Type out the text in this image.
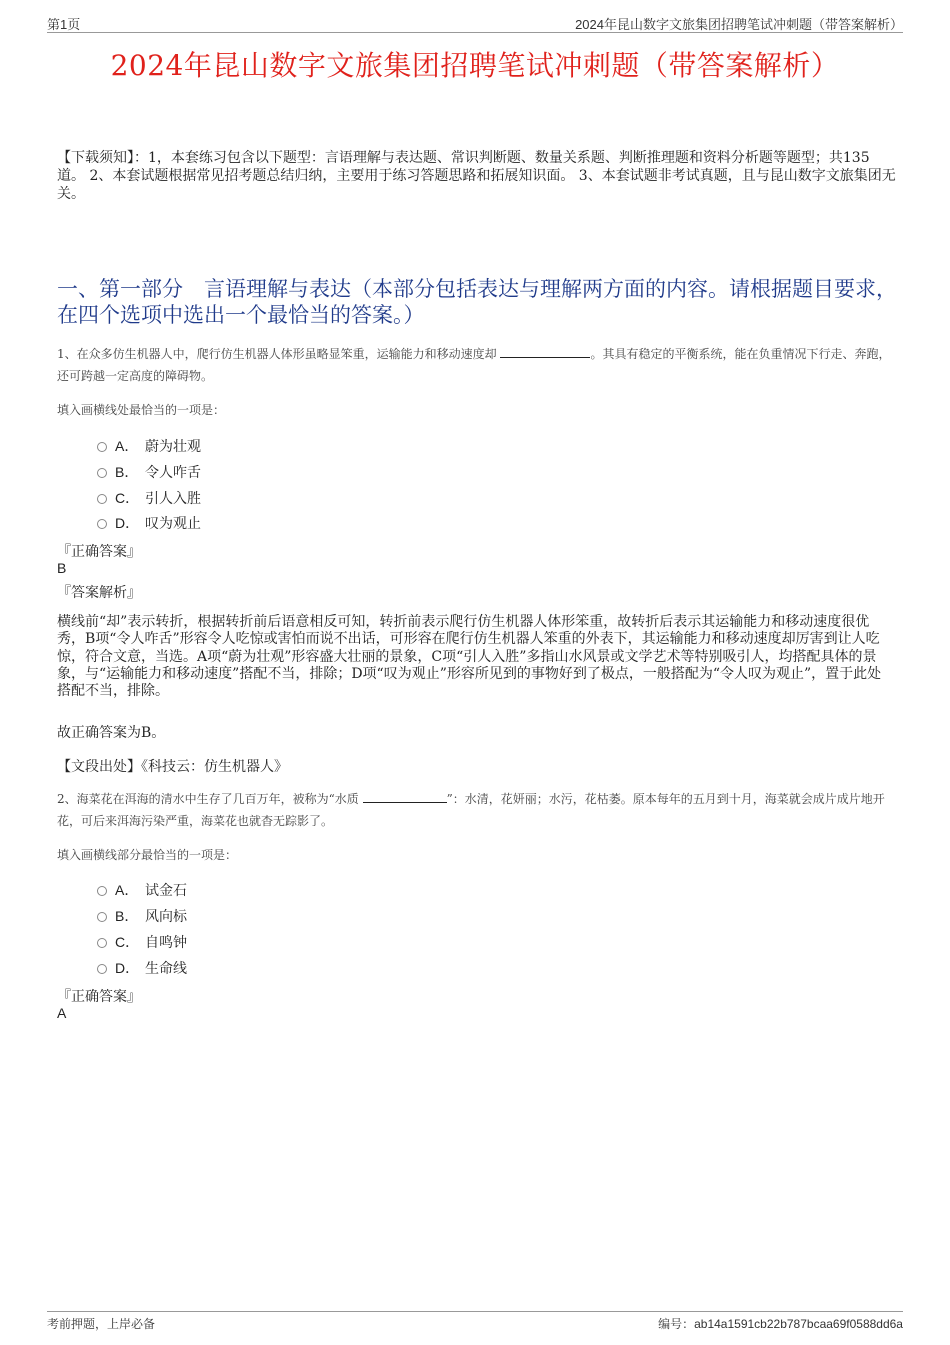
第1页	2024年昆山数字文旅集团招聘笔试冲刺题（带答案解析）
2024年昆山数字文旅集团招聘笔试冲刺题（带答案解析）
【下载须知】：1，本套练习包含以下题型：言语理解与表达题、常识判断题、数量关系题、判断推理题和资料分析题等题型；共135道。 2、本套试题根据常见招考题总结归纳，主要用于练习答题思路和拓展知识面。 3、本套试题非考试真题，且与昆山数字文旅集团无关。
一、第一部分　言语理解与表达（本部分包括表达与理解两方面的内容。请根据题目要求，在四个选项中选出一个最恰当的答案。）
1、在众多仿生机器人中，爬行仿生机器人体形虽略显笨重，运输能力和移动速度却	。其具有稳定的平衡系统，能在负重情况下行走、奔跑，还可跨越一定高度的障碍物。
填入画横线处最恰当的一项是：
A． 蔚为壮观
B． 令人咋舌
C． 引人入胜
D． 叹为观止
『正确答案』
B
『答案解析』
横线前“却”表示转折，根据转折前后语意相反可知，转折前表示爬行仿生机器人体形笨重，故转折后表示其运输能力和移动速度很优秀，B项“令人咋舌”形容令人吃惊或害怕而说不出话，可形容在爬行仿生机器人笨重的外表下，其运输能力和移动速度却厉害到让人吃惊，符合文意，当选。A项“蔚为壮观”形容盛大壮丽的景象，C项“引人入胜”多指山水风景或文学艺术等特别吸引人，均搭配具体的景象，与“运输能力和移动速度”搭配不当，排除；D项“叹为观止”形容所见到的事物好到了极点，一般搭配为“令人叹为观止”，置于此处搭配不当，排除。
故正确答案为B。
【文段出处】《科技云：仿生机器人》
2、海菜花在洱海的清水中生存了几百万年，被称为“水质	”：水清，花妍丽；水污，花枯萎。原本每年的五月到十月，海菜就会成片成片地开花，可后来洱海污染严重，海菜花也就杳无踪影了。
填入画横线部分最恰当的一项是：
A． 试金石
B． 风向标
C． 自鸣钟
D． 生命线
『正确答案』
A
考前押题，上岸必备	编号：ab14a1591cb22b787bcaa69f0588dd6a
